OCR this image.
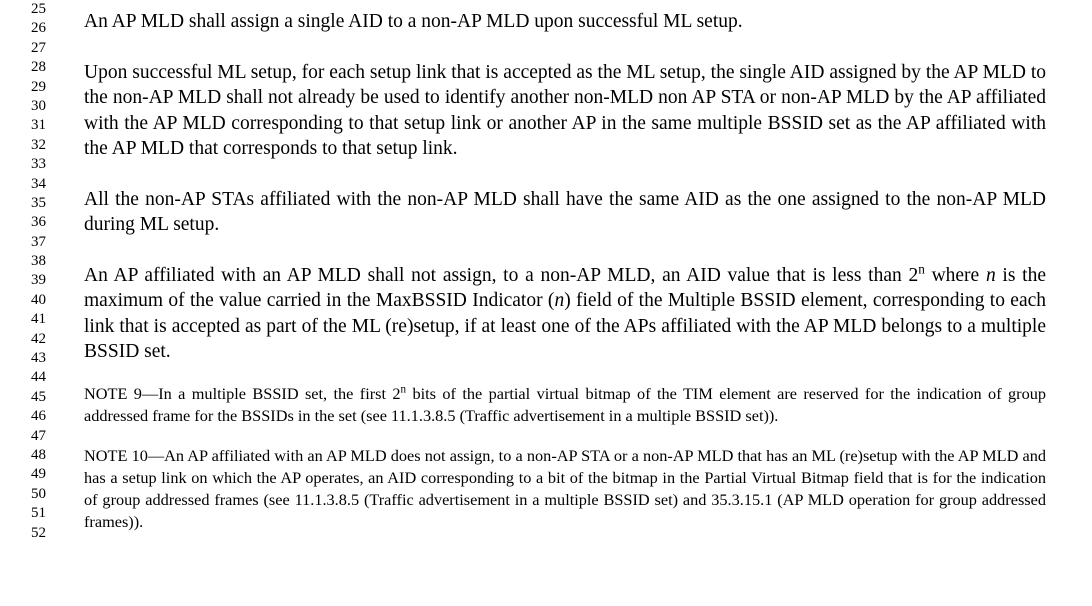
25
26
27
28
29
30
31
32
33
34
35
36
37
38
39
40
41
42
43
44
45
46
47
48
49
50
51
52

An AP MLD shall assign a single AID to a non-AP MLD upon successful ML setup.

Upon successful ML setup, for each setup link that is accepted as the ML setup, the single AID assigned by the AP MLD to the non-AP MLD shall not already be used to identify another non-MLD non AP STA or non-AP MLD by the AP affiliated with the AP MLD corresponding to that setup link or another AP in the same multiple BSSID set as the AP affiliated with the AP MLD that corresponds to that setup link.

All the non-AP STAs affiliated with the non-AP MLD shall have the same AID as the one assigned to the non-AP MLD during ML setup.

An AP affiliated with an AP MLD shall not assign, to a non-AP MLD, an AID value that is less than 2$^n$ where n is the maximum of the value carried in the MaxBSSID Indicator (n) field of the Multiple BSSID element, corresponding to each link that is accepted as part of the ML (re)setup, if at least one of the APs affiliated with the AP MLD belongs to a multiple BSSID set.

NOTE 9—In a multiple BSSID set, the first 2$^n$ bits of the partial virtual bitmap of the TIM element are reserved for the indication of group addressed frame for the BSSIDs in the set (see 11.1.3.8.5 (Traffic advertisement in a multiple BSSID set)).

NOTE 10—An AP affiliated with an AP MLD does not assign, to a non-AP STA or a non-AP MLD that has an ML (re)setup with the AP MLD and has a setup link on which the AP operates, an AID corresponding to a bit of the bitmap in the Partial Virtual Bitmap field that is for the indication of group addressed frames (see 11.1.3.8.5 (Traffic advertisement in a multiple BSSID set) and 35.3.15.1 (AP MLD operation for group addressed frames)).
